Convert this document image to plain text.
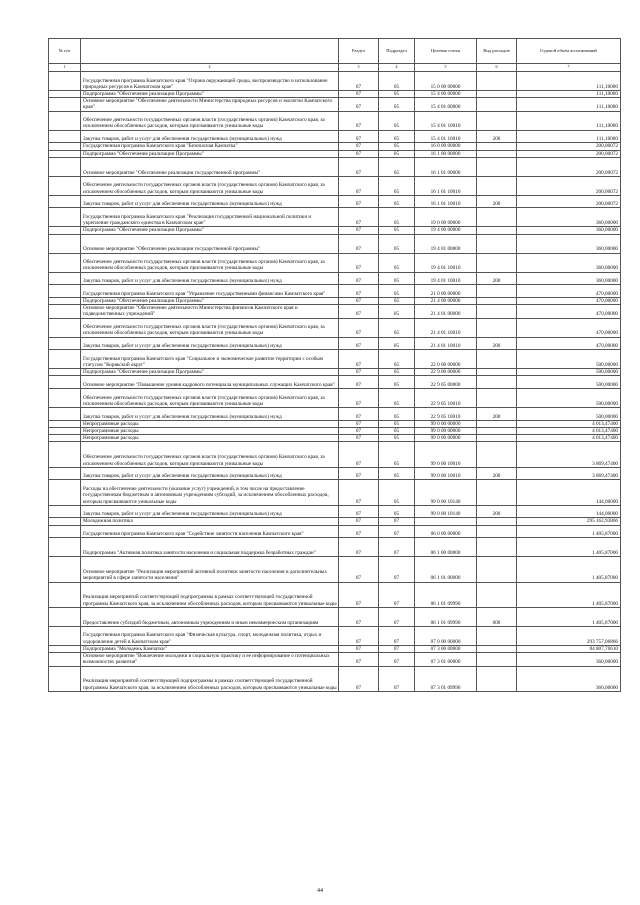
№ п/п		Раздел	Подраздел	Целевая статья	Вид расходов	Годовой объем ассигнований
1	2	3	4	5	6	7
	Государственная программа Камчатского края "Охрана окружающей среды, воспроизводство и использование природных ресурсов в Камчатском крае"	07	05	15 0 00 00000		111,10000
	Подпрограмма "Обеспечение реализации Программы"	07	05	15 4 00 00000		111,10000
	Основное мероприятие "Обеспечение деятельности Министерства природных ресурсов и экологии Камчатского края"	07	05	15 4 01 00000		111,10000
	Обеспечение деятельности государственных органов власти (государственных органов) Камчатского края, за исключением обособленных расходов, которым присваиваются уникальные коды	07	05	15 4 01 10010		111,10000
	Закупка товаров, работ и услуг для обеспечения государственных (муниципальных) нужд	07	05	15 4 01 10010	200	111,10000
	Государственная программа Камчатского края "Безопасная Камчатка"	07	05	16 0 00 00000		200,00072
	Подпрограмма "Обеспечение реализации Программы"	07	05	16 1 00 00000		200,00072
	Основное мероприятие "Обеспечение реализации государственной программы"	07	05	16 1 01 00000		200,00072
	Обеспечение деятельности государственных органов власти (государственных органов) Камчатского края, за исключением обособленных расходов, которым присваиваются уникальные коды	07	05	16 1 01 10010		200,00072
	Закупка товаров, работ и услуг для обеспечения государственных (муниципальных) нужд	07	05	16 1 01 10010	200	200,00072
	Государственная программа Камчатского края "Реализация государственной национальной политики и укрепление гражданского единства в Камчатском крае"	07	05	19 0 00 00000		360,00000
	Подпрограмма "Обеспечение реализации Программы"	07	05	19 4 00 00000		360,00000
	Основное мероприятие "Обеспечение реализации государственной программы"	07	05	19 4 01 00000		360,00000
	Обеспечение деятельности государственных органов власти (государственных органов) Камчатского края, за исключением обособленных расходов, которым присваиваются уникальные коды	07	05	19 4 01 10010		360,00000
	Закупка товаров, работ и услуг для обеспечения государственных (муниципальных) нужд	07	05	19 4 01 10010	200	360,00000
	Государственная программа Камчатского края "Управление государственными финансами Камчатского края"	07	05	21 0 00 00000		470,00000
	Подпрограмма "Обеспечение реализации Программы"	07	05	21 4 00 00000		470,00000
	Основное мероприятие "Обеспечение деятельности Министерства финансов Камчатского края и подведомственных учреждений"	07	05	21 4 01 00000		470,00000
	Обеспечение деятельности государственных органов власти (государственных органов) Камчатского края, за исключением обособленных расходов, которым присваиваются уникальные коды	07	05	21 4 01 10010		470,00000
	Закупка товаров, работ и услуг для обеспечения государственных (муниципальных) нужд	07	05	21 4 01 10010	200	470,00000
	Государственная программа Камчатского края "Социальное и экономическое развитие территории с особым статусом "Корякский округ"	07	05	22 0 00 00000		500,00000
	Подпрограмма "Обеспечение реализации Программы"	07	05	22 9 00 00000		500,00000
	Основное мероприятие "Повышение уровня кадрового потенциала муниципальных служащих Камчатского края"	07	05	22 9 05 00000		500,00000
	Обеспечение деятельности государственных органов власти (государственных органов) Камчатского края, за исключением обособленных расходов, которым присваиваются уникальные коды	07	05	22 9 05 10010		500,00000
	Закупка товаров, работ и услуг для обеспечения государственных (муниципальных) нужд	07	05	22 9 05 10010	200	500,00000
	Непрограммные расходы	07	05	99 0 00 00000		4 013,47400
	Непрограммные расходы	07	05	99 0 00 00000		4 013,47400
	Непрограммные расходы	07	05	99 0 00 00000		4 013,47400
	Обеспечение деятельности государственных органов власти (государственных органов) Камчатского края, за исключением обособленных расходов, которым присваиваются уникальные коды	07	05	99 0 00 10010		3 869,47400
	Закупка товаров, работ и услуг для обеспечения государственных (муниципальных) нужд	07	05	99 0 00 10010	200	3 869,47400
	Расходы на обеспечение деятельности (оказание услуг) учреждений, в том числе на предоставление государственным бюджетным и автономным учреждениям субсидий, за исключением обособленных расходов, которым присваиваются уникальные коды	07	05	99 0 00 10140		144,00000
	Закупка товаров, работ и услуг для обеспечения государственных (муниципальных) нужд	07	05	99 0 00 10140	200	144,00000
	Молодежная политика	07	07			295 162,93866
	Государственная программа Камчатского края "Содействие занятости населения Камчатского края"	07	07	06 0 00 00000		1 405,87000
	Подпрограмма "Активная политика занятости населения и социальная поддержка безработных граждан"	07	07	06 1 00 00000		1 405,87000
	Основное мероприятие "Реализация мероприятий активной политики занятости населения и дополнительных мероприятий в сфере занятости населения"	07	07	06 1 01 00000		1 405,87000
	Реализация мероприятий соответствующей подпрограммы в рамках соответствующей государственной программы Камчатского края, за исключением обособленных расходов, которым присваиваются уникальные коды	07	07	06 1 01 09990		1 405,87000
	Предоставление субсидий бюджетным, автономным учреждениям и иным некоммерческим организациям	07	07	06 1 01 09990	600	1 405,87000
	Государственная программа Камчатского края "Физическая культура, спорт, молодежная политика, отдых и оздоровление детей в Камчатском крае"	07	07	07 0 00 00000		293 757,06866
	Подпрограмма "Молодежь Камчатки"	07	07	07 3 00 00000		84 807,76610
	Основное мероприятие "Вовлечение молодежи в социальную практику и ее информирование о потенциальных возможностях развития"	07	07	07 3 01 00000		360,00000
	Реализация мероприятий соответствующей подпрограммы в рамках соответствующей государственной программы Камчатского края, за исключением обособленных расходов, которым присваиваются уникальные коды	07	07	07 3 01 09990		360,00000
44
